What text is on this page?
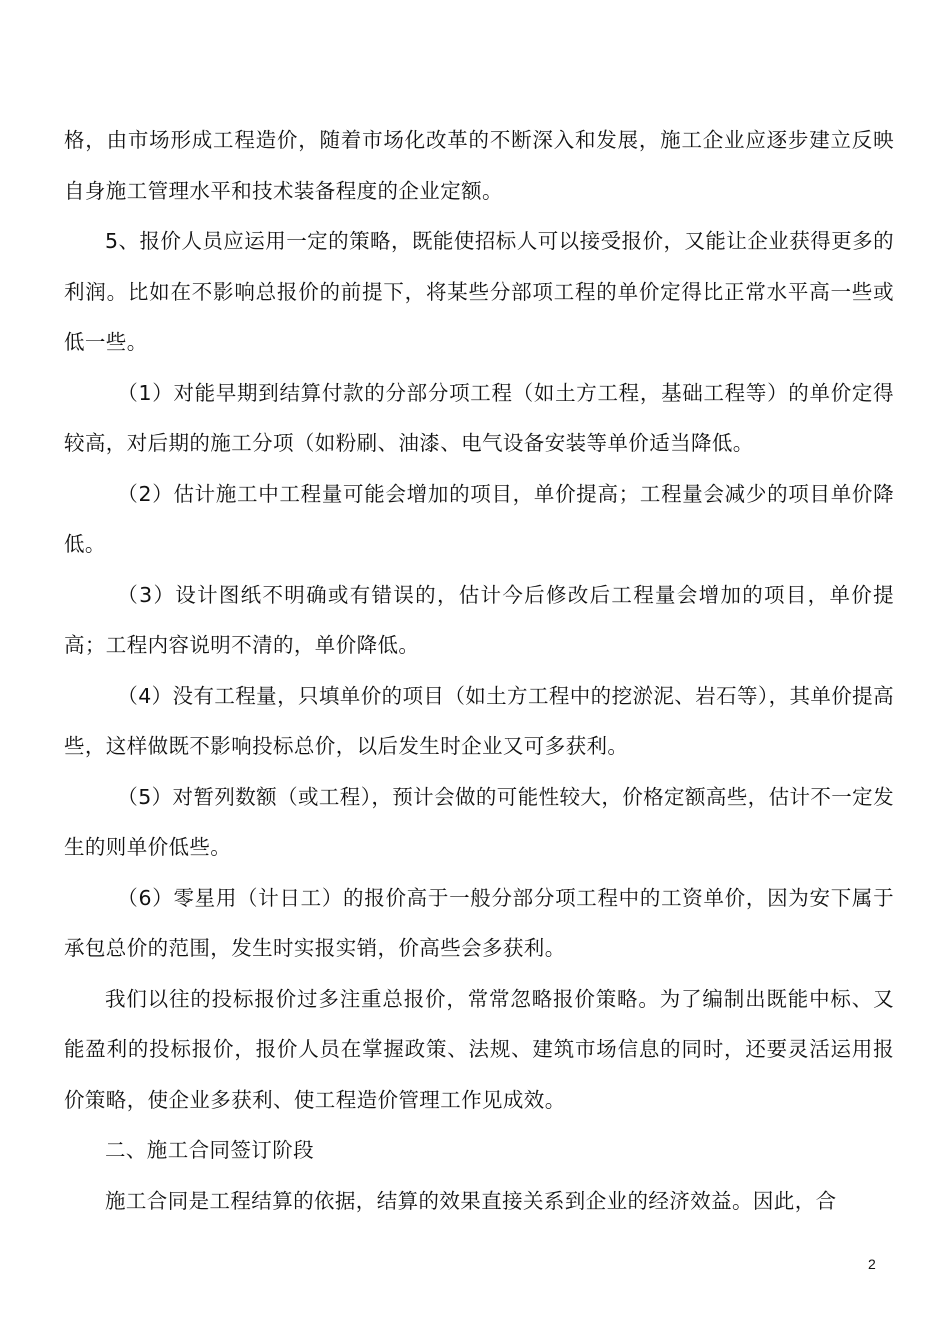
格，由市场形成工程造价，随着市场化改革的不断深入和发展，施工企业应逐步建立反映自身施工管理水平和技术装备程度的企业定额。

5、报价人员应运用一定的策略，既能使招标人可以接受报价，又能让企业获得更多的利润。比如在不影响总报价的前提下，将某些分部项工程的单价定得比正常水平高一些或低一些。

（1）对能早期到结算付款的分部分项工程（如土方工程，基础工程等）的单价定得较高，对后期的施工分项（如粉刷、油漆、电气设备安装等单价适当降低。

（2）估计施工中工程量可能会增加的项目，单价提高；工程量会减少的项目单价降低。

（3）设计图纸不明确或有错误的，估计今后修改后工程量会增加的项目，单价提高；工程内容说明不清的，单价降低。

（4）没有工程量，只填单价的项目（如土方工程中的挖淤泥、岩石等），其单价提高些，这样做既不影响投标总价，以后发生时企业又可多获利。

（5）对暂列数额（或工程），预计会做的可能性较大，价格定额高些，估计不一定发生的则单价低些。

（6）零星用（计日工）的报价高于一般分部分项工程中的工资单价，因为安下属于承包总价的范围，发生时实报实销，价高些会多获利。

我们以往的投标报价过多注重总报价，常常忽略报价策略。为了编制出既能中标、又能盈利的投标报价，报价人员在掌握政策、法规、建筑市场信息的同时，还要灵活运用报价策略，使企业多获利、使工程造价管理工作见成效。

二、施工合同签订阶段

施工合同是工程结算的依据，结算的效果直接关系到企业的经济效益。因此，合

2
